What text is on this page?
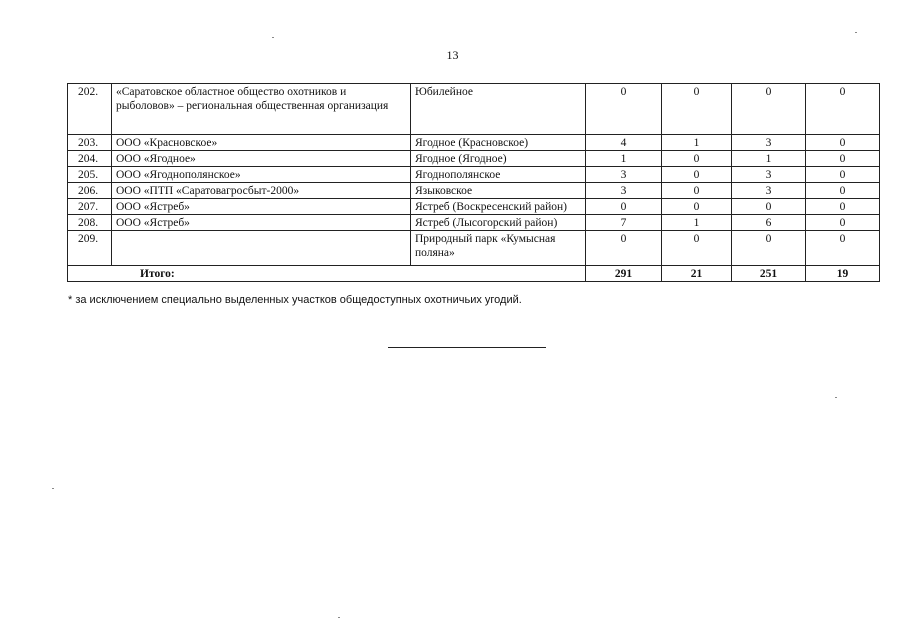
13
202.	«Саратовское областное общество охотников и рыболовов» – региональная общественная организация	Юбилейное	0	0	0	0
203.	ООО «Красновское»	Ягодное (Красновское)	4	1	3	0
204.	ООО «Ягодное»	Ягодное (Ягодное)	1	0	1	0
205.	ООО «Ягоднополянское»	Ягоднополянское	3	0	3	0
206.	ООО «ПТП «Саратовагросбыт-2000»	Языковское	3	0	3	0
207.	ООО «Ястреб»	Ястреб (Воскресенский район)	0	0	0	0
208.	ООО «Ястреб»	Ястреб (Лысогорский район)	7	1	6	0
209.		Природный парк «Кумысная поляна»	0	0	0	0
Итого:			291	21	251	19
* за исключением специально выделенных участков общедоступных охотничьих угодий.
